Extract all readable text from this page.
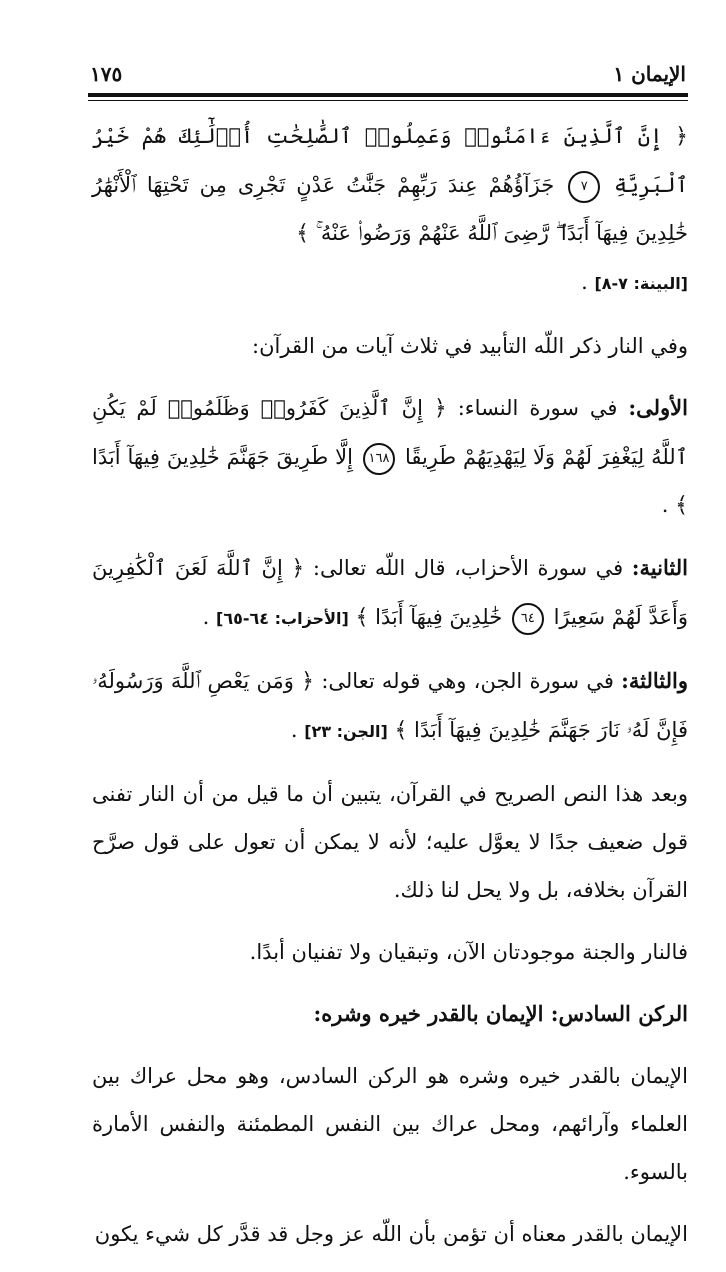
الإيمان ١
١٧٥

﴿ إِنَّ ٱلَّذِينَ ءَامَنُوا۟ وَعَمِلُوا۟ ٱلصَّٰلِحَٰتِ أُو۟لَٰٓئِكَ هُمْ خَيْرُ ٱلْبَرِيَّةِ ٧ جَزَآؤُهُمْ عِندَ رَبِّهِمْ جَنَّٰتُ عَدْنٍ تَجْرِى مِن تَحْتِهَا ٱلْأَنْهَٰرُ خَٰلِدِينَ فِيهَآ أَبَدًا ۖ رَّضِىَ ٱللَّهُ عَنْهُمْ وَرَضُوا۟ عَنْهُ ۚ ﴾
[البينة: ٧-٨] .

وفي النار ذكر اللّه التأبيد في ثلاث آيات من القرآن:

الأولى: في سورة النساء: ﴿ إِنَّ ٱلَّذِينَ كَفَرُوا۟ وَظَلَمُوا۟ لَمْ يَكُنِ ٱللَّهُ لِيَغْفِرَ لَهُمْ وَلَا لِيَهْدِيَهُمْ طَرِيقًا ١٦٨ إِلَّا طَرِيقَ جَهَنَّمَ خَٰلِدِينَ فِيهَآ أَبَدًا ﴾ .

الثانية: في سورة الأحزاب، قال اللّه تعالى: ﴿ إِنَّ ٱللَّهَ لَعَنَ ٱلْكَٰفِرِينَ وَأَعَدَّ لَهُمْ سَعِيرًا ٦٤ خَٰلِدِينَ فِيهَآ أَبَدًا ﴾ [الأحزاب: ٦٤-٦٥] .

والثالثة: في سورة الجن، وهي قوله تعالى: ﴿ وَمَن يَعْصِ ٱللَّهَ وَرَسُولَهُۥ فَإِنَّ لَهُۥ نَارَ جَهَنَّمَ خَٰلِدِينَ فِيهَآ أَبَدًا ﴾ [الجن: ٢٣] .

وبعد هذا النص الصريح في القرآن، يتبين أن ما قيل من أن النار تفنى قول ضعيف جدًا لا يعوَّل عليه؛ لأنه لا يمكن أن تعول على قول صرَّح القرآن بخلافه، بل ولا يحل لنا ذلك.

فالنار والجنة موجودتان الآن، وتبقيان ولا تفنيان أبدًا.

الركن السادس: الإيمان بالقدر خيره وشره:

الإيمان بالقدر خيره وشره هو الركن السادس، وهو محل عراك بين العلماء وآرائهم، ومحل عراك بين النفس المطمئنة والنفس الأمارة بالسوء.

الإيمان بالقدر معناه أن تؤمن بأن اللّه عز وجل قد قدَّر كل شيء يكون
